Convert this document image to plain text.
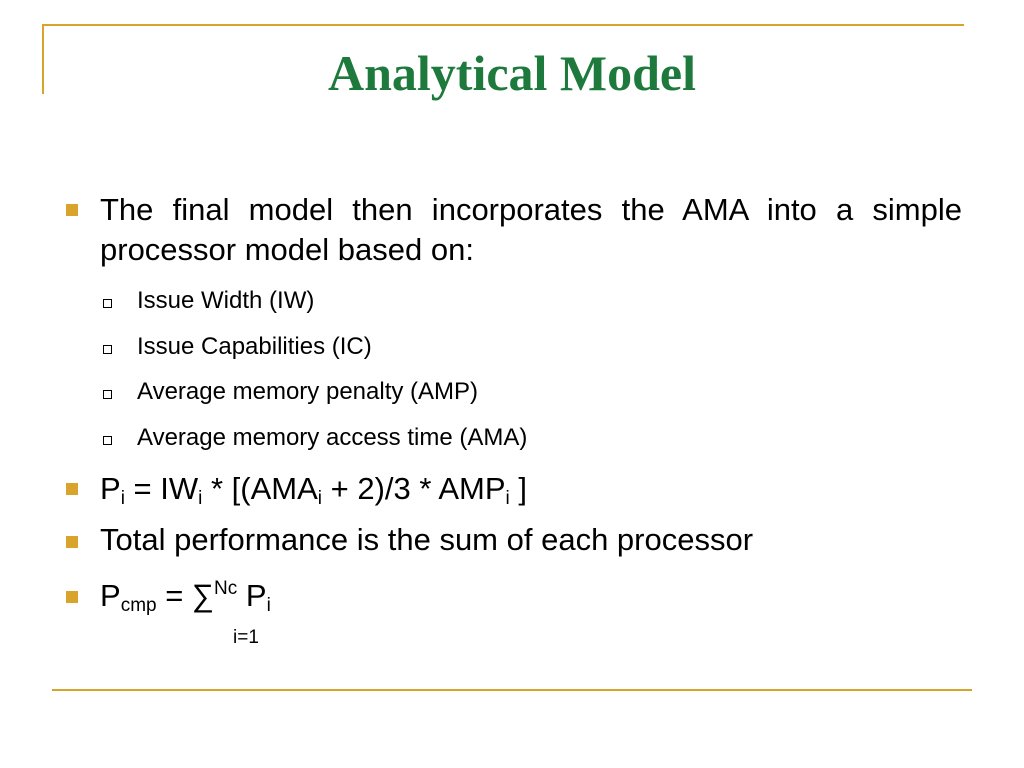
Analytical Model
The final model then incorporates the AMA into a simple processor model based on:
Issue Width (IW)
Issue Capabilities (IC)
Average memory penalty (AMP)
Average memory access time (AMA)
$P_i = IW_i * [(AMA_i + 2)/3 * AMP_i$ ]
Total performance is the sum of each processor
$P_{cmp} = \sum^{Nc}$ $P_i$
i=1
